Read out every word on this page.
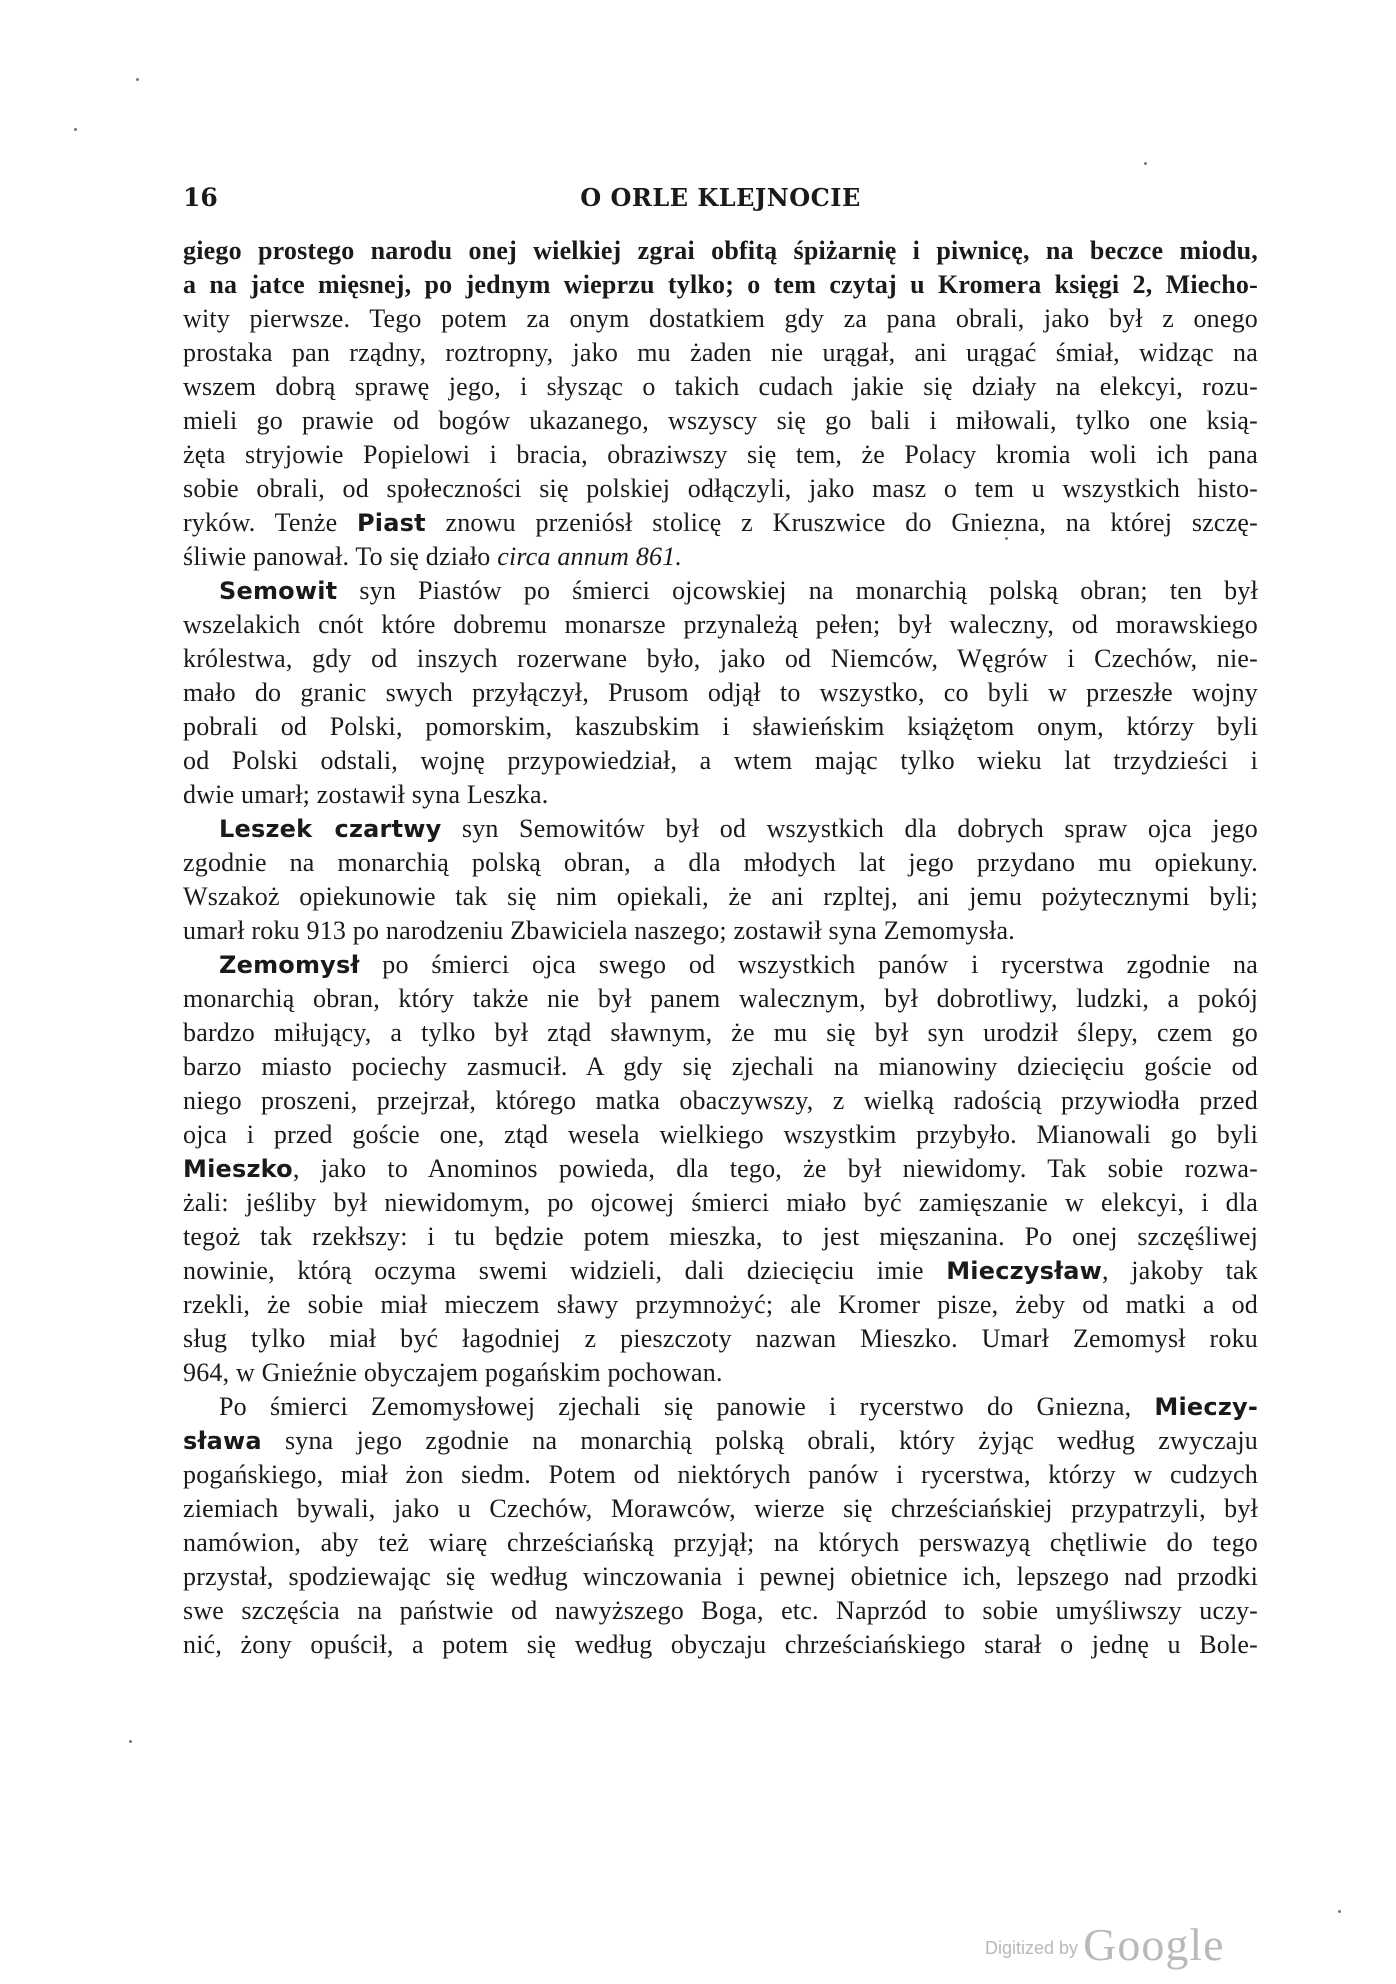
16	O ORLE KLEJNOCIE
giego prostego narodu onej wielkiej zgrai obfitą śpiżarnię i piwnicę, na beczce miodu,
a na jatce mięsnej, po jednym wieprzu tylko; o tem czytaj u Kromera księgi 2, Miecho-
wity pierwsze. Tego potem za onym dostatkiem gdy za pana obrali, jako był z onego
prostaka pan rządny, roztropny, jako mu żaden nie urągał, ani urągać śmiał, widząc na
wszem dobrą sprawę jego, i słysząc o takich cudach jakie się działy na elekcyi, rozu-
mieli go prawie od bogów ukazanego, wszyscy się go bali i miłowali, tylko one ksią-
żęta stryjowie Popielowi i bracia, obraziwszy się tem, że Polacy kromia woli ich pana
sobie obrali, od społeczności się polskiej odłączyli, jako masz o tem u wszystkich histo-
ryków. Tenże Piast znowu przeniósł stolicę z Kruszwice do Gniezna, na której szczę-
śliwie panował. To się działo circa annum 861.
Semowit syn Piastów po śmierci ojcowskiej na monarchią polską obran; ten był
wszelakich cnót które dobremu monarsze przynależą pełen; był waleczny, od morawskiego
królestwa, gdy od inszych rozerwane było, jako od Niemców, Węgrów i Czechów, nie-
mało do granic swych przyłączył, Prusom odjął to wszystko, co byli w przeszłe wojny
pobrali od Polski, pomorskim, kaszubskim i sławieńskim książętom onym, którzy byli
od Polski odstali, wojnę przypowiedział, a wtem mając tylko wieku lat trzydzieści i
dwie umarł; zostawił syna Leszka.
Leszek czartwy syn Semowitów był od wszystkich dla dobrych spraw ojca jego
zgodnie na monarchią polską obran, a dla młodych lat jego przydano mu opiekuny.
Wszakoż opiekunowie tak się nim opiekali, że ani rzpltej, ani jemu pożytecznymi byli;
umarł roku 913 po narodzeniu Zbawiciela naszego; zostawił syna Zemomysła.
Zemomysł po śmierci ojca swego od wszystkich panów i rycerstwa zgodnie na
monarchią obran, który także nie był panem walecznym, był dobrotliwy, ludzki, a pokój
bardzo miłujący, a tylko był ztąd sławnym, że mu się był syn urodził ślepy, czem go
barzo miasto pociechy zasmucił. A gdy się zjechali na mianowiny dziecięciu goście od
niego proszeni, przejrzał, którego matka obaczywszy, z wielką radością przywiodła przed
ojca i przed goście one, ztąd wesela wielkiego wszystkim przybyło. Mianowali go byli
Mieszko, jako to Anominos powieda, dla tego, że był niewidomy. Tak sobie rozwa-
żali: jeśliby był niewidomym, po ojcowej śmierci miało być zamięszanie w elekcyi, i dla
tegoż tak rzekłszy: i tu będzie potem mieszka, to jest mięszanina. Po onej szczęśliwej
nowinie, którą oczyma swemi widzieli, dali dziecięciu imie Mieczysław, jakoby tak
rzekli, że sobie miał mieczem sławy przymnożyć; ale Kromer pisze, żeby od matki a od
sług tylko miał być łagodniej z pieszczoty nazwan Mieszko. Umarł Zemomysł roku
964, w Gnieźnie obyczajem pogańskim pochowan.
Po śmierci Zemomysłowej zjechali się panowie i rycerstwo do Gniezna, Mieczy-
sława syna jego zgodnie na monarchią polską obrali, który żyjąc według zwyczaju
pogańskiego, miał żon siedm. Potem od niektórych panów i rycerstwa, którzy w cudzych
ziemiach bywali, jako u Czechów, Morawców, wierze się chrześciańskiej przypatrzyli, był
namówion, aby też wiarę chrześciańską przyjął; na których perswazyą chętliwie do tego
przystał, spodziewając się według winczowania i pewnej obietnice ich, lepszego nad przodki
swe szczęścia na państwie od nawyższego Boga, etc. Naprzód to sobie umyśliwszy uczy-
nić, żony opuścił, a potem się według obyczaju chrześciańskiego starał o jednę u Bole-
Digitized by Google
